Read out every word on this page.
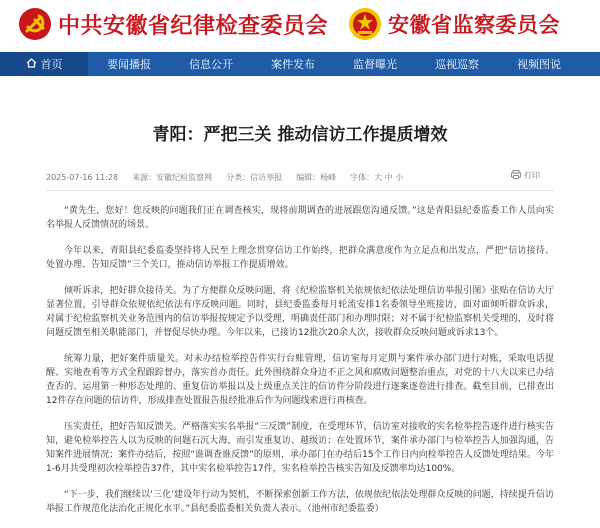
中共安徽省纪律检查委员会	安徽省监察委员会
首页	要闻播报	信息公开	案件发布	监督曝光	巡视巡察	视频图说
青阳：严把三关 推动信访工作提质增效
2025-07-16 11:28 来源：安徽纪检监察网 分类：信访举报 编辑：杨峰 字体：大 中 小	打印

“黄先生，您好！您反映的问题我们正在调查核实，现将前期调查的进展跟您沟通反馈。”这是青阳县纪委监委工作人员向实名举报人反馈情况的场景。

今年以来，青阳县纪委监委坚持将人民至上理念贯穿信访工作始终，把群众满意度作为立足点和出发点，严把“信访接待、处置办理、告知反馈”三个关口，推动信访举报工作提质增效。

倾听诉求，把好群众接待关。为了方便群众反映问题，将《纪检监察机关依规依纪依法处理信访举报引图》张贴在信访大厅显著位置，引导群众依规依纪依法有序反映问题。同时，县纪委监委每月轮流安排1名委领导坐班接访，面对面倾听群众诉求，对属于纪检监察机关业务范围内的信访举报按规定予以受理，明确责任部门和办理时限；对不属于纪检监察机关受理的，及时将问题反馈至相关职能部门，并督促尽快办理。今年以来，已接访12批次20余人次，接收群众反映问题或诉求13个。

统筹力量，把好案件质量关。对未办结检举控告件实行台账管理，信访室每月定期与案件承办部门进行对账，采取电话提醒、实地查看等方式全程跟踪督办，落实首办责任。此外围绕群众身边不正之风和腐败问题整治重点，对党的十八大以来已办结查否的、运用第一种形态处理的、重复信访举报以及上级重点关注的信访件分阶段进行逐案逐卷进行排查。截至目前，已排查出12件存在问题的信访件，形成排查处置报告报经批准后作为问题线索进行再核查。

压实责任，把好告知反馈关。严格落实实名举报“三反馈”制度，在受理环节，信访室对接收的实名检举控告逐件进行核实告知，避免检举控告人以为反映的问题石沉大海，而引发重复访、越级访；在处置环节，案件承办部门与检举控告人加强沟通，告知案件进展情况；案件办结后，按照“谁调查谁反馈”的原则，承办部门在办结后15个工作日内向检举控告人反馈处理结果。今年1-6月共受理初次检举控告37件，其中实名检举控告17件，实名检举控告核实告知及反馈率均达100%。

“下一步，我们继续以‘三化’建设年行动为契机，不断探索创新工作方法，依规依纪依法处理群众反映的问题，持续提升信访举报工作规范化法治化正规化水平。”县纪委监委相关负责人表示。（池州市纪委监委）
